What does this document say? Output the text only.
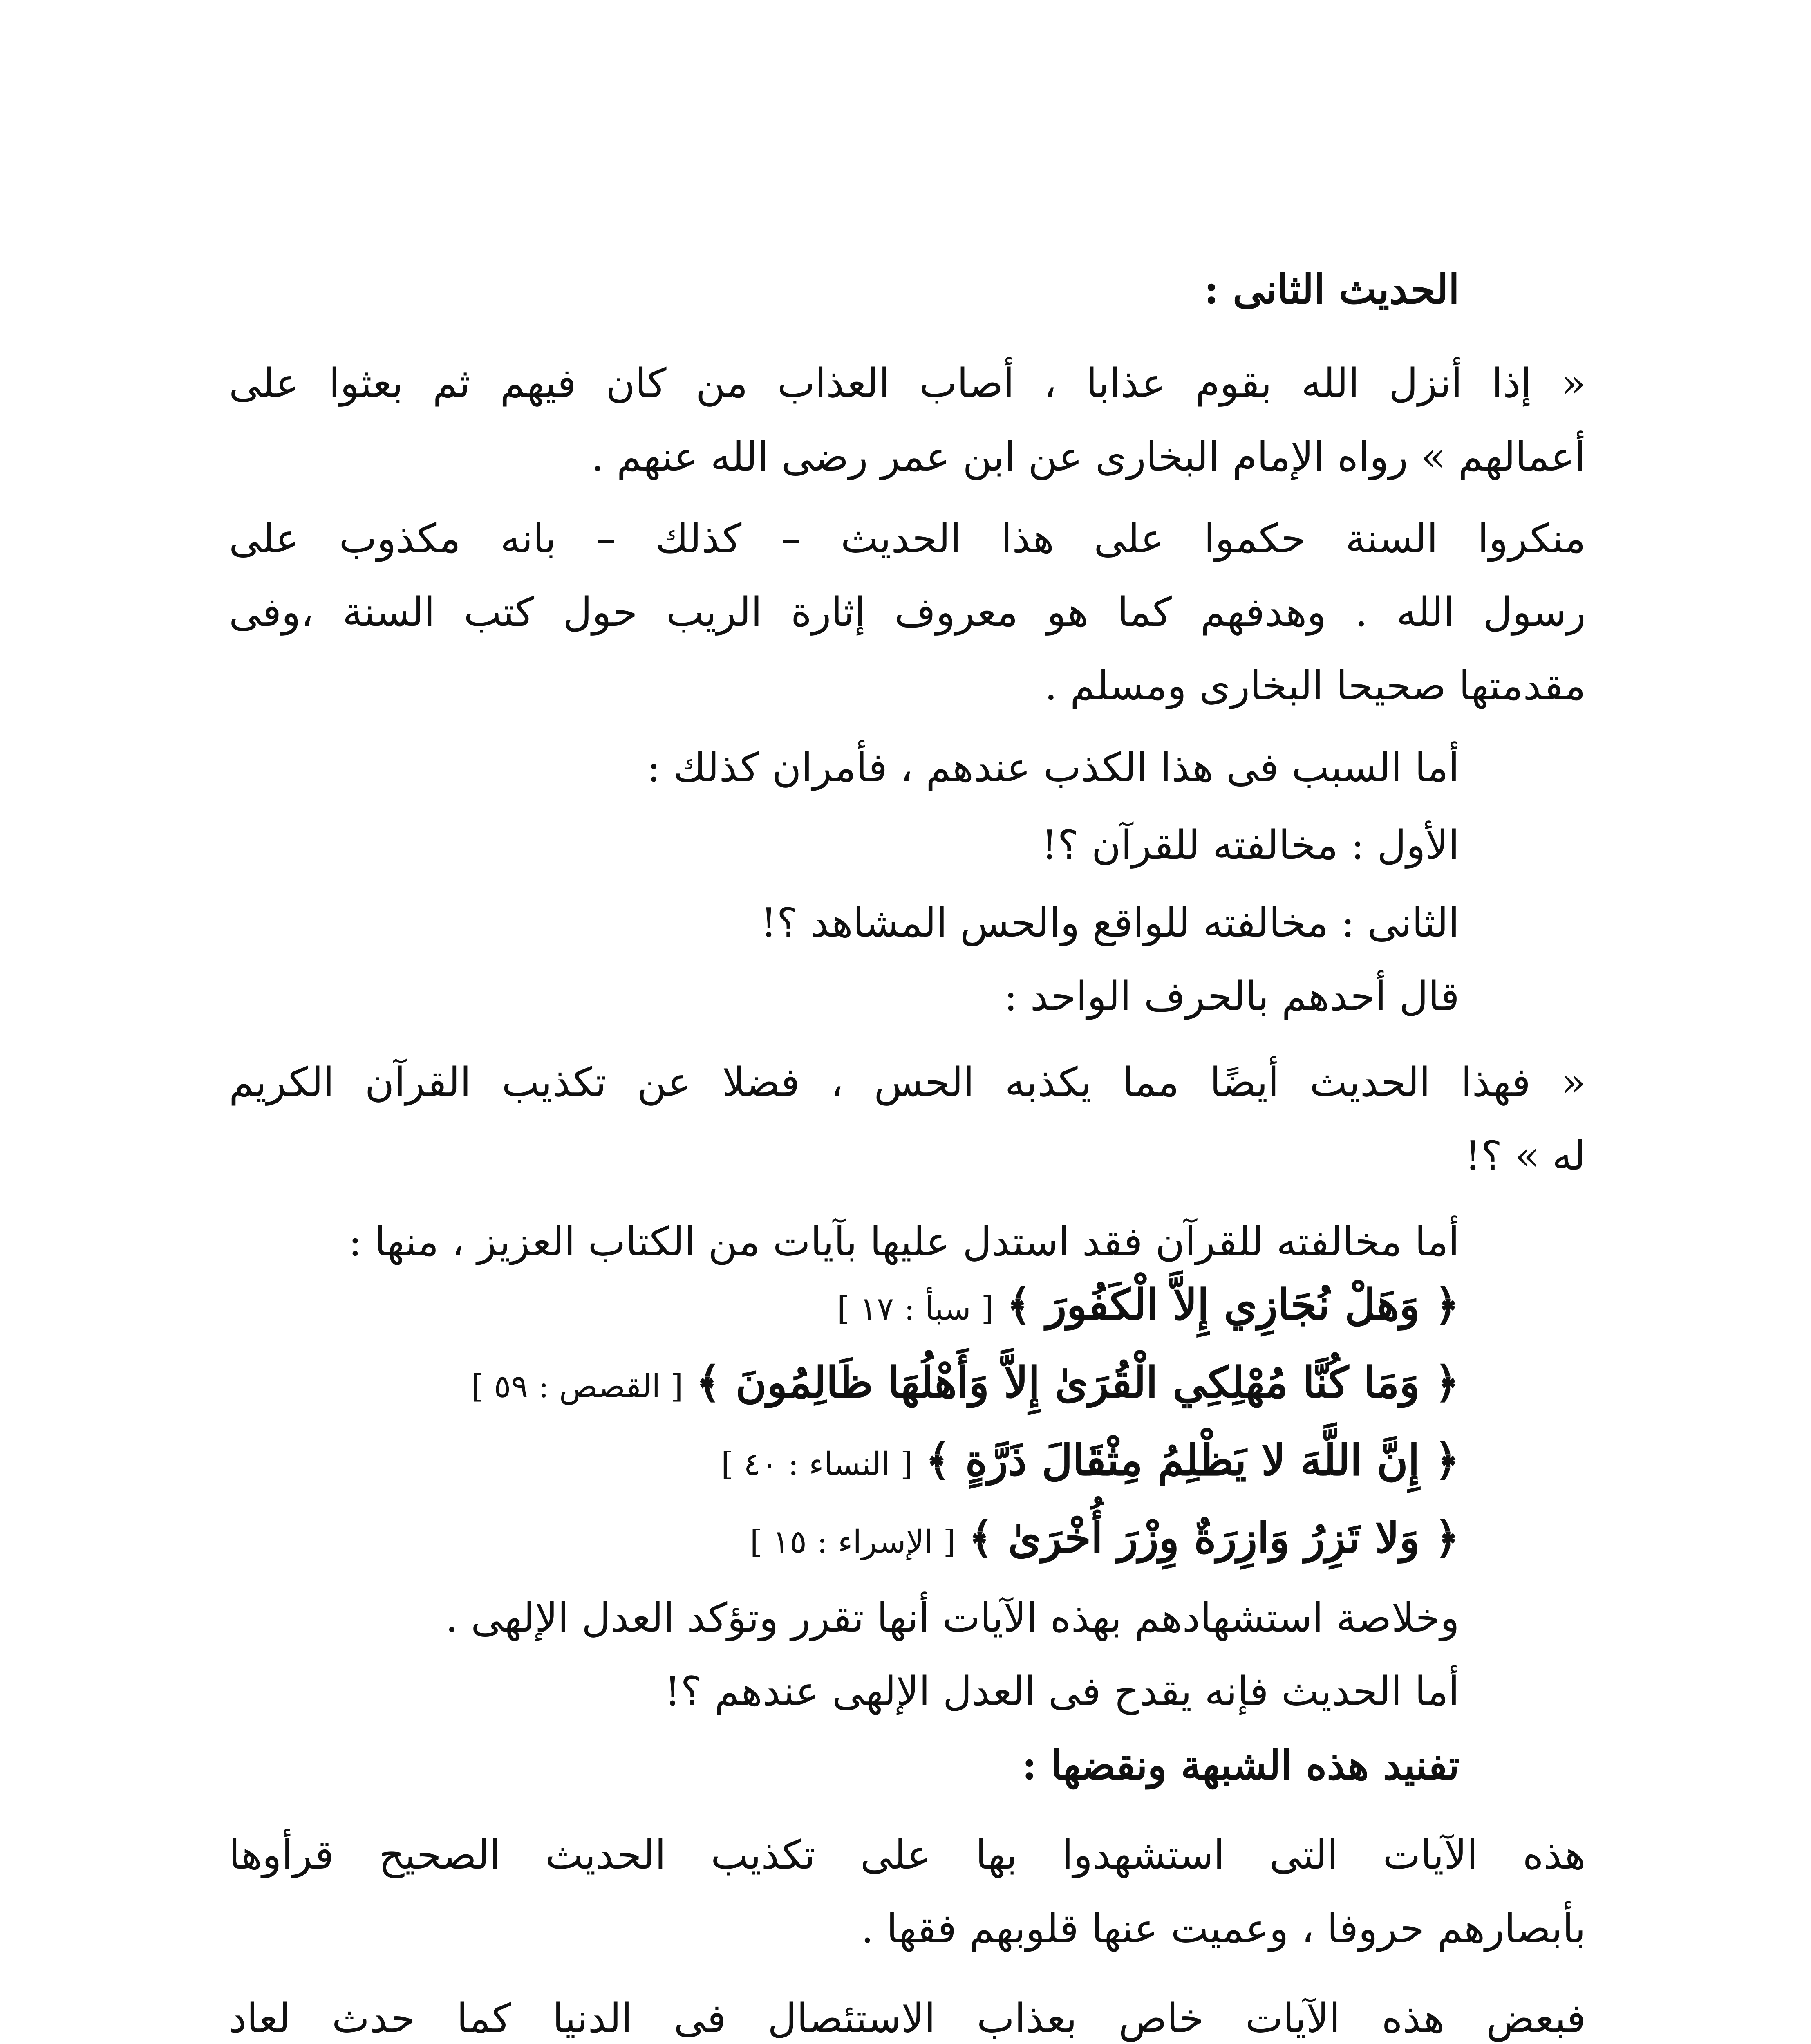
الحديث الثانى :
« إذا أنزل الله بقوم عذابا ، أصاب العذاب من كان فيهم ثم بعثوا على
أعمالهم » رواه الإمام البخارى عن ابن عمر رضى الله عنهم .
منكروا السنة حكموا على هذا الحديث – كذلك – بانه مكذوب على
رسول الله . وهدفهم كما هو معروف إثارة الريب حول كتب السنة ،وفى
مقدمتها صحيحا البخارى ومسلم .
أما السبب فى هذا الكذب عندهم ، فأمران كذلك :
الأول : مخالفته للقرآن ؟!
الثانى : مخالفته للواقع والحس المشاهد ؟!
قال أحدهم بالحرف الواحد :
« فهذا الحديث أيضًا مما يكذبه الحس ، فضلا عن تكذيب القرآن الكريم
له » ؟!
أما مخالفته للقرآن فقد استدل عليها بآيات من الكتاب العزيز ، منها :
﴿ وَهَلْ نُجَازِي إِلاَّ الْكَفُورَ ﴾ [ سبأ : ١٧ ]
﴿ وَمَا كُنَّا مُهْلِكِي الْقُرَىٰ إِلاَّ وَأَهْلُهَا ظَالِمُونَ ﴾ [ القصص : ٥٩ ]
﴿ إِنَّ اللَّهَ لا يَظْلِمُ مِثْقَالَ ذَرَّةٍ ﴾ [ النساء : ٤٠ ]
﴿ وَلا تَزِرُ وَازِرَةٌ وِزْرَ أُخْرَىٰ ﴾ [ الإسراء : ١٥ ]
وخلاصة استشهادهم بهذه الآيات أنها تقرر وتؤكد العدل الإلهى .
أما الحديث فإنه يقدح فى العدل الإلهى عندهم ؟!
تفنيد هذه الشبهة ونقضها :
هذه الآيات التى استشهدوا بها على تكذيب الحديث الصحيح قرأوها
بأبصارهم حروفا ، وعميت عنها قلوبهم فقها .
فبعض هذه الآيات خاص بعذاب الاستئصال فى الدنيا كما حدث لعاد
